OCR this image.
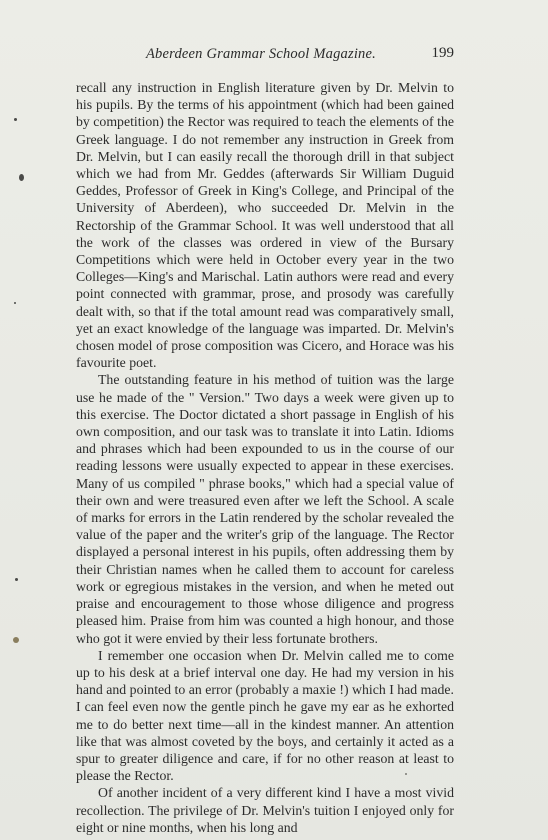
Aberdeen Grammar School Magazine.	199

recall any instruction in English literature given by Dr. Melvin to his pupils. By the terms of his appointment (which had been gained by competition) the Rector was required to teach the elements of the Greek language. I do not remember any instruction in Greek from Dr. Melvin, but I can easily recall the thorough drill in that subject which we had from Mr. Geddes (afterwards Sir William Duguid Geddes, Professor of Greek in King's College, and Principal of the University of Aberdeen), who succeeded Dr. Melvin in the Rectorship of the Grammar School. It was well understood that all the work of the classes was ordered in view of the Bursary Competitions which were held in October every year in the two Colleges—King's and Marischal. Latin authors were read and every point connected with grammar, prose, and prosody was carefully dealt with, so that if the total amount read was comparatively small, yet an exact knowledge of the language was imparted. Dr. Melvin's chosen model of prose composition was Cicero, and Horace was his favourite poet.

The outstanding feature in his method of tuition was the large use he made of the " Version." Two days a week were given up to this exercise. The Doctor dictated a short passage in English of his own composition, and our task was to translate it into Latin. Idioms and phrases which had been expounded to us in the course of our reading lessons were usually expected to appear in these exercises. Many of us compiled " phrase books," which had a special value of their own and were treasured even after we left the School. A scale of marks for errors in the Latin rendered by the scholar revealed the value of the paper and the writer's grip of the language. The Rector displayed a personal interest in his pupils, often addressing them by their Christian names when he called them to account for careless work or egregious mistakes in the version, and when he meted out praise and encouragement to those whose diligence and progress pleased him. Praise from him was counted a high honour, and those who got it were envied by their less fortunate brothers.

I remember one occasion when Dr. Melvin called me to come up to his desk at a brief interval one day. He had my version in his hand and pointed to an error (probably a maxie !) which I had made. I can feel even now the gentle pinch he gave my ear as he exhorted me to do better next time—all in the kindest manner. An attention like that was almost coveted by the boys, and certainly it acted as a spur to greater diligence and care, if for no other reason at least to please the Rector.

Of another incident of a very different kind I have a most vivid recollection. The privilege of Dr. Melvin's tuition I enjoyed only for eight or nine months, when his long and
